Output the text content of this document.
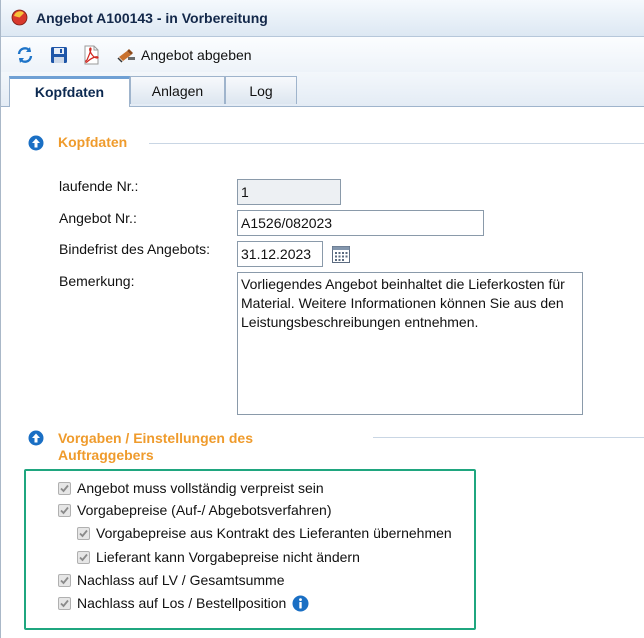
Angebot A100143 - in Vorbereitung
Angebot abgeben
Kopfdaten	Anlagen	Log
Kopfdaten
laufende Nr.:
1
Angebot Nr.:
A1526/082023
Bindefrist des Angebots:
31.12.2023
Bemerkung:
Vorliegendes Angebot beinhaltet die Lieferkosten für Material. Weitere Informationen können Sie aus den Leistungsbeschreibungen entnehmen.
Vorgaben / Einstellungen des
Auftraggebers
Angebot muss vollständig verpreist sein
Vorgabepreise (Auf-/ Abgebotsverfahren)
Vorgabepreise aus Kontrakt des Lieferanten übernehmen
Lieferant kann Vorgabepreise nicht ändern
Nachlass auf LV / Gesamtsumme
Nachlass auf Los / Bestellposition
